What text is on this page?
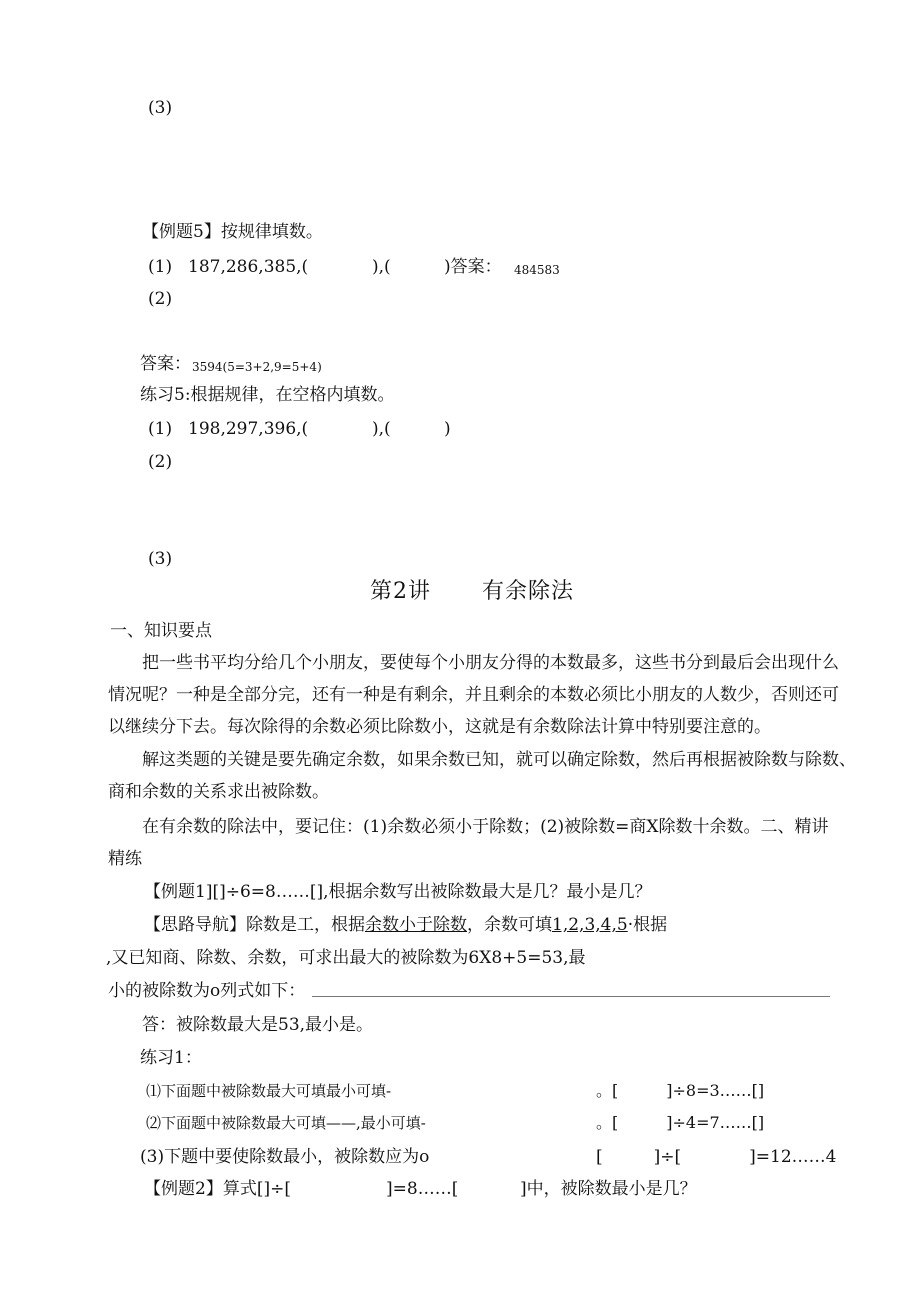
(3)
【例题5】按规律填数。
(1) 187,286,385,(	),(	)答案： 484583
(2)
答案： 3594(5=3+2,9=5+4)
练习5:根据规律，在空格内填数。
(1) 198,297,396,(	),(	)
(2)
(3)
第2讲 有余除法
一、知识要点
把一些书平均分给几个小朋友，要使每个小朋友分得的本数最多，这些书分到最后会出现什么
情况呢？一种是全部分完，还有一种是有剩余，并且剩余的本数必须比小朋友的人数少，否则还可
以继续分下去。每次除得的余数必须比除数小，这就是有余数除法计算中特别要注意的。
解这类题的关键是要先确定余数，如果余数已知，就可以确定除数，然后再根据被除数与除数、
商和余数的关系求出被除数。
在有余数的除法中，要记住：(1)余数必须小于除数；(2)被除数=商X除数十余数。二、精讲
精练
【例题1][]÷6=8……[],根据余数写出被除数最大是几？最小是几？
【思路导航】除数是工，根据余数小于除数，余数可填1,2,3,4,5·根据
,又已知商、除数、余数，可求出最大的被除数为6X8+5=53,最
小的被除数为o列式如下：
答：被除数最大是53,最小是。
练习1：
⑴下面题中被除数最大可填最小可填-	。[　　　]÷8=3……[]
⑵下面题中被除数最大可填——,最小可填-	。[　　　]÷4=7……[]
(3)下题中要使除数最小，被除数应为o	[　　　]÷[　　　　]=12……4
【例题2】算式[]÷[	]=8……[	]中，被除数最小是几？
